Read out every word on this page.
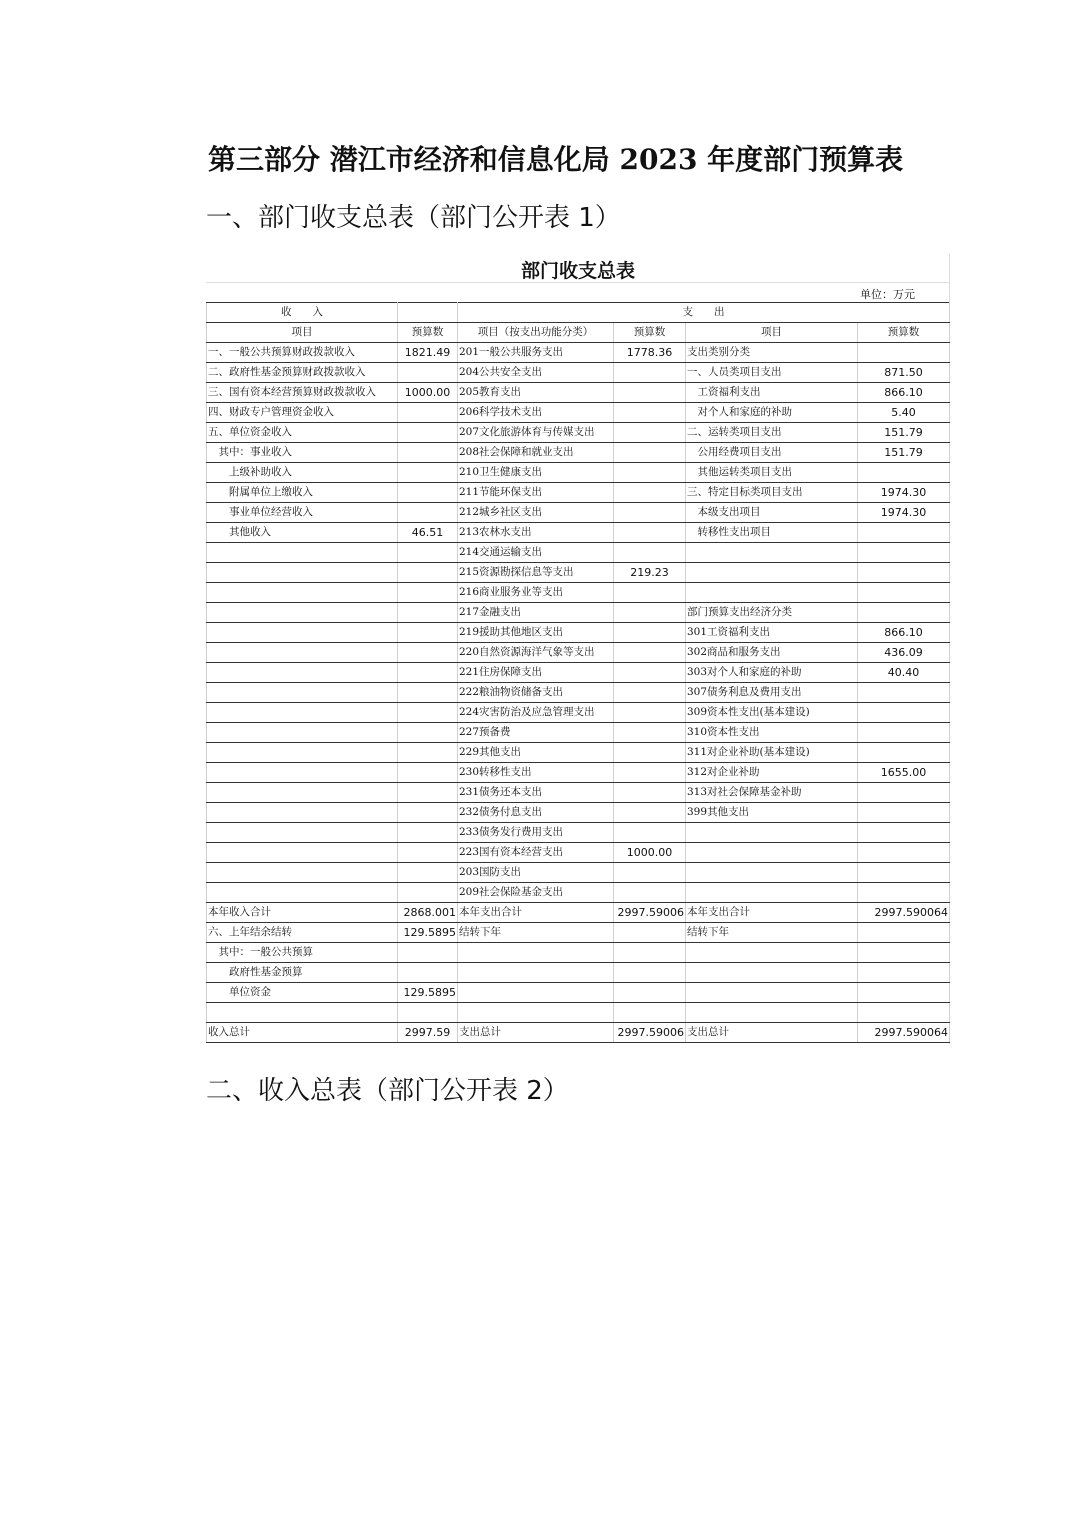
第三部分 潜江市经济和信息化局 2023 年度部门预算表
一、部门收支总表（部门公开表 1）
部门收支总表
单位：万元
收　　入		支　　出			
项目	预算数	项目（按支出功能分类）	预算数	项目	预算数
一、一般公共预算财政拨款收入	1821.49	201一般公共服务支出	1778.36	支出类别分类	
二、政府性基金预算财政拨款收入		204公共安全支出		一、人员类项目支出	871.50
三、国有资本经营预算财政拨款收入	1000.00	205教育支出		　工资福利支出	866.10
四、财政专户管理资金收入		206科学技术支出		　对个人和家庭的补助	5.40
五、单位资金收入		207文化旅游体育与传媒支出		二、运转类项目支出	151.79
　其中：事业收入		208社会保障和就业支出		　公用经费项目支出	151.79
　　上级补助收入		210卫生健康支出		　其他运转类项目支出	
　　附属单位上缴收入		211节能环保支出		三、特定目标类项目支出	1974.30
　　事业单位经营收入		212城乡社区支出		　本级支出项目	1974.30
　　其他收入	46.51	213农林水支出		　转移性支出项目	
		214交通运输支出			
		215资源勘探信息等支出	219.23		
		216商业服务业等支出			
		217金融支出		部门预算支出经济分类	
		219援助其他地区支出		301工资福利支出	866.10
		220自然资源海洋气象等支出		302商品和服务支出	436.09
		221住房保障支出		303对个人和家庭的补助	40.40
		222粮油物资储备支出		307债务利息及费用支出	
		224灾害防治及应急管理支出		309资本性支出(基本建设)	
		227预备费		310资本性支出	
		229其他支出		311对企业补助(基本建设)	
		230转移性支出		312对企业补助	1655.00
		231债务还本支出		313对社会保障基金补助	
		232债务付息支出		399其他支出	
		233债务发行费用支出			
		223国有资本经营支出	1000.00		
		203国防支出			
		209社会保险基金支出			
本年收入合计	2868.001	本年支出合计	2997.59006	本年支出合计	2997.590064
六、上年结余结转	129.5895	结转下年		结转下年	
　其中：一般公共预算					
　　政府性基金预算					
　　单位资金	129.5895				

收入总计	2997.59	支出总计	2997.59006	支出总计	2997.590064
二、收入总表（部门公开表 2）
